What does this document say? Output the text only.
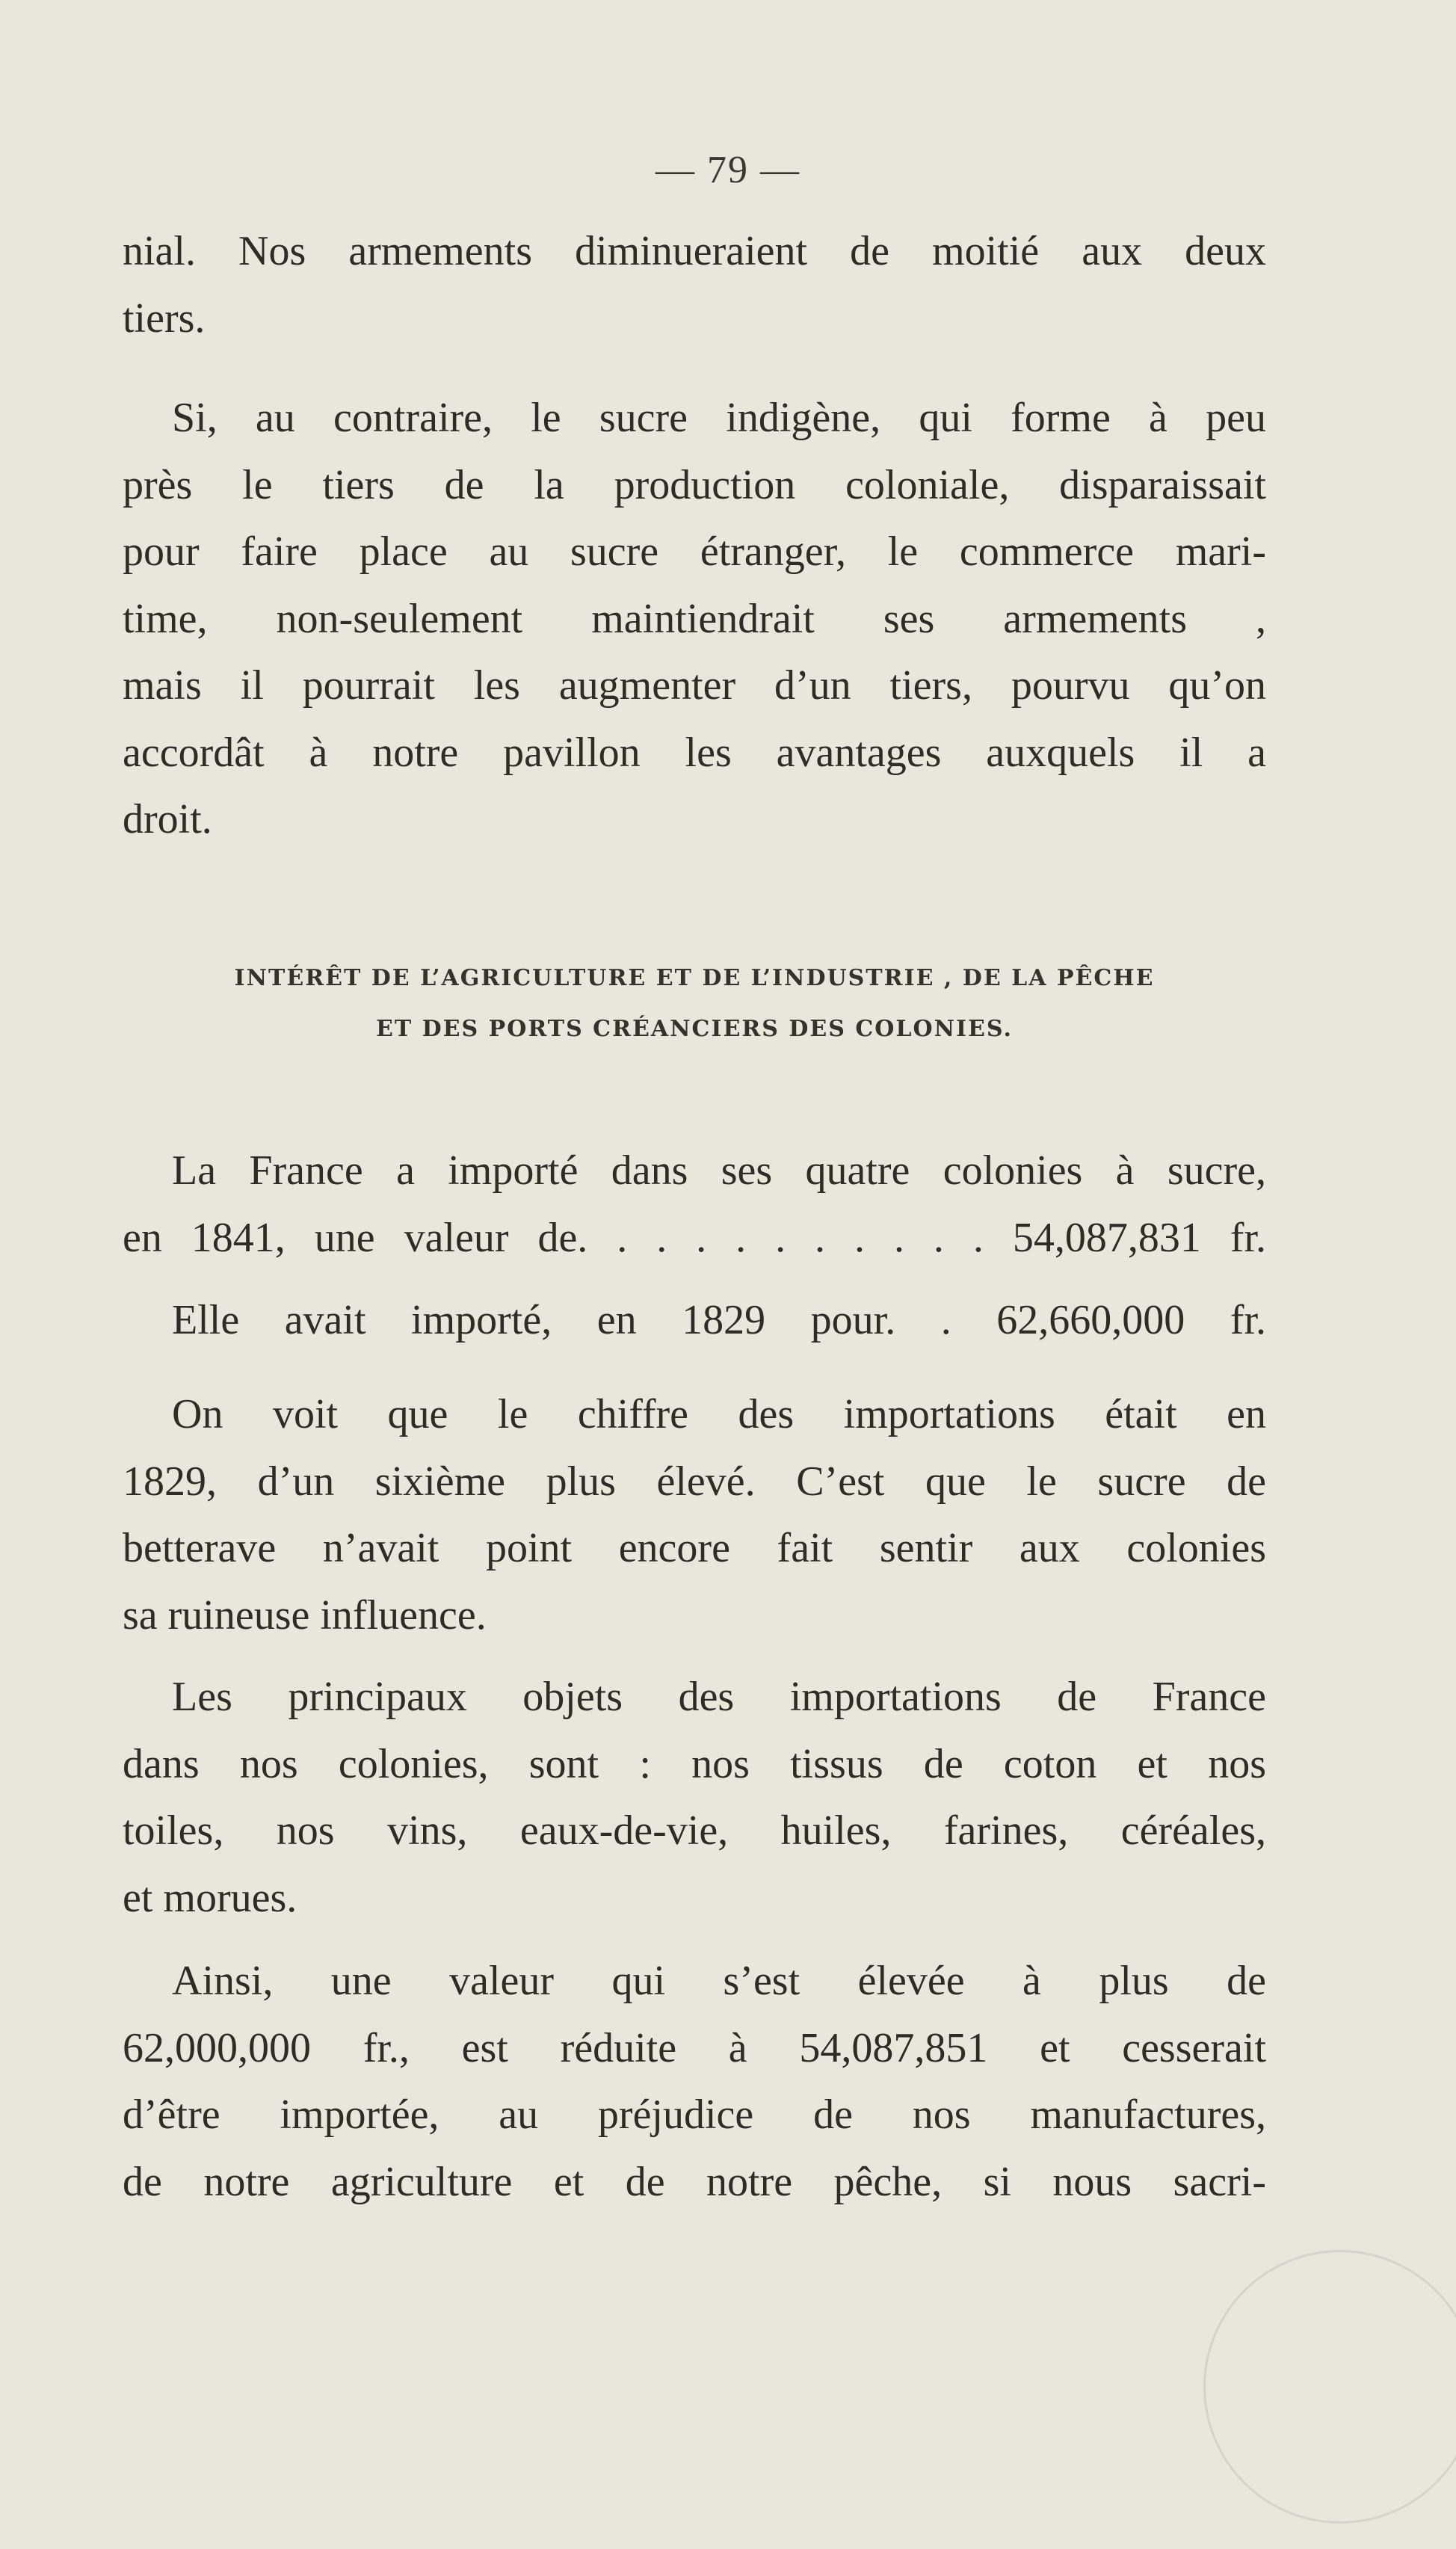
— 79 —

nial. Nos armements diminueraient de moitié aux deux
tiers.

Si, au contraire, le sucre indigène, qui forme à peu
près le tiers de la production coloniale, disparaissait
pour faire place au sucre étranger, le commerce mari-
time, non-seulement maintiendrait ses armements ,
mais il pourrait les augmenter d’un tiers, pourvu qu’on
accordât à notre pavillon les avantages auxquels il a
droit.

INTÉRÊT DE L’AGRICULTURE ET DE L’INDUSTRIE , DE LA PÊCHE
ET DES PORTS CRÉANCIERS DES COLONIES.

La France a importé dans ses quatre colonies à sucre,
en 1841, une valeur de. . . . . . . . . . . 54,087,831 fr.

Elle avait importé, en 1829 pour. . 62,660,000 fr.

On voit que le chiffre des importations était en
1829, d’un sixième plus élevé. C’est que le sucre de
betterave n’avait point encore fait sentir aux colonies
sa ruineuse influence.

Les principaux objets des importations de France
dans nos colonies, sont : nos tissus de coton et nos
toiles, nos vins, eaux-de-vie, huiles, farines, céréales,
et morues.

Ainsi, une valeur qui s’est élevée à plus de
62,000,000 fr., est réduite à 54,087,851 et cesserait
d’être importée, au préjudice de nos manufactures,
de notre agriculture et de notre pêche, si nous sacri-
